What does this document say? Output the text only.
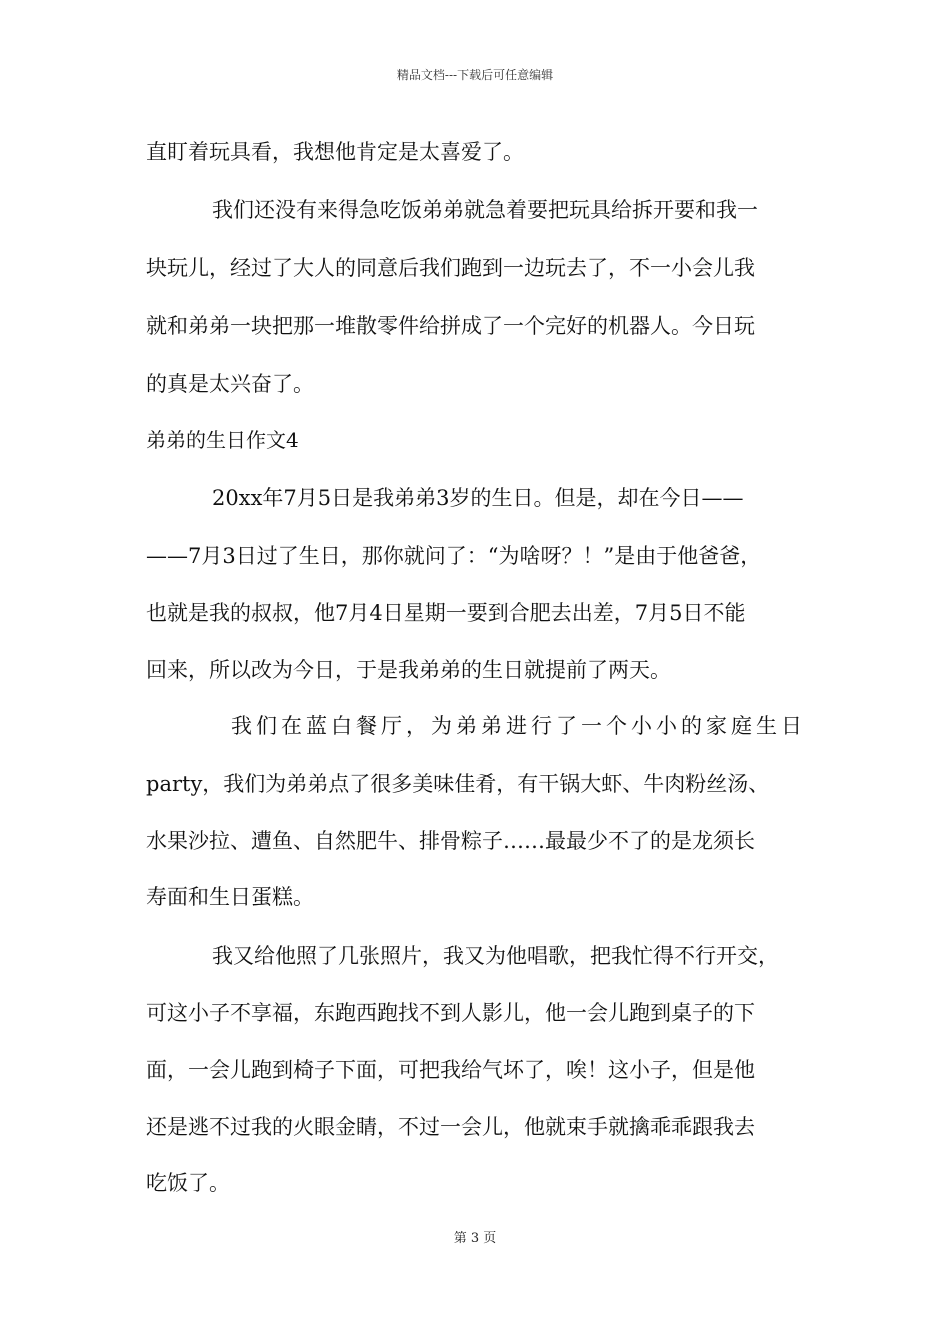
精品文档---下载后可任意编辑
直盯着玩具看，我想他肯定是太喜爱了。
我们还没有来得急吃饭弟弟就急着要把玩具给拆开要和我一
块玩儿，经过了大人的同意后我们跑到一边玩去了，不一小会儿我
就和弟弟一块把那一堆散零件给拼成了一个完好的机器人。今日玩
的真是太兴奋了。
弟弟的生日作文4
20xx年7月5日是我弟弟3岁的生日。但是，却在今日——
——7月3日过了生日，那你就问了：“为啥呀？！”是由于他爸爸，
也就是我的叔叔，他7月4日星期一要到合肥去出差，7月5日不能
回来，所以改为今日，于是我弟弟的生日就提前了两天。
我们在蓝白餐厅，为弟弟进行了一个小小的家庭生日
party，我们为弟弟点了很多美味佳肴，有干锅大虾、牛肉粉丝汤、
水果沙拉、遭鱼、自然肥牛、排骨粽子……最最少不了的是龙须长
寿面和生日蛋糕。
我又给他照了几张照片，我又为他唱歌，把我忙得不行开交，
可这小子不享福，东跑西跑找不到人影儿，他一会儿跑到桌子的下
面，一会儿跑到椅子下面，可把我给气坏了，唉！这小子，但是他
还是逃不过我的火眼金睛，不过一会儿，他就束手就擒乖乖跟我去
吃饭了。
第 3 页
